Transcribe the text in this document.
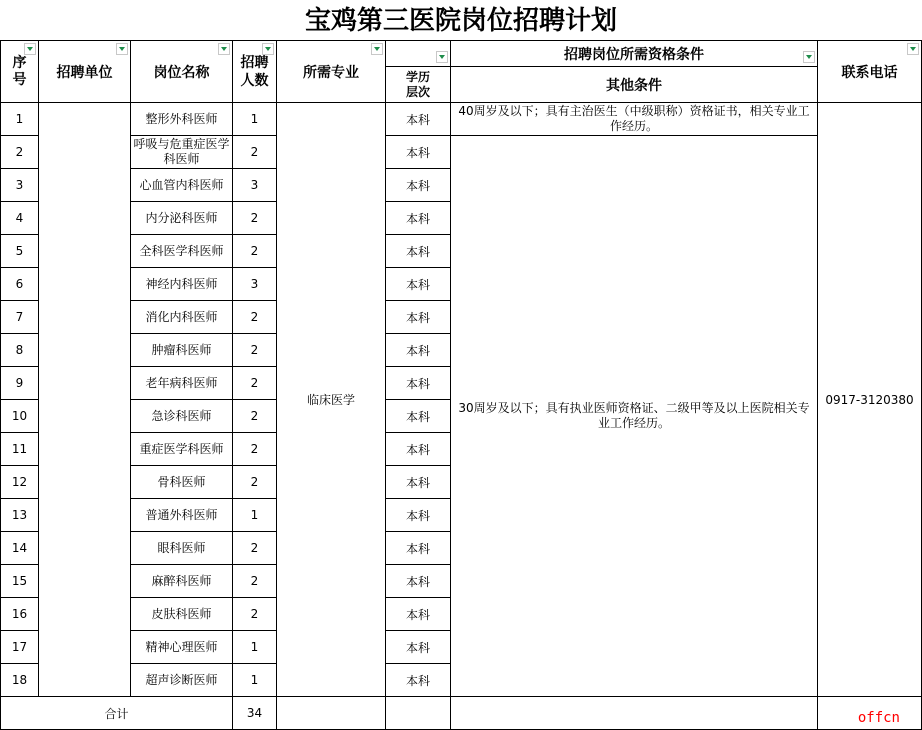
宝鸡第三医院岗位招聘计划
序号	招聘单位	岗位名称	招聘人数	所需专业		招聘岗位所需资格条件	联系电话

					学历层次	其他条件	
1		整形外科医师	1	临床医学	本科	40周岁及以下；具有主治医生（中级职称）资格证书，相关专业工作经历。	0917-3120380
2		呼吸与危重症医学科医师	2		本科	30周岁及以下；具有执业医师资格证、二级甲等及以上医院相关专业工作经历。	
3		心血管内科医师	3		本科		
4		内分泌科医师	2		本科		
5		全科医学科医师	2		本科		
6		神经内科医师	3		本科		
7		消化内科医师	2		本科		
8		肿瘤科医师	2		本科		
9		老年病科医师	2		本科		
10		急诊科医师	2		本科		
11		重症医学科医师	2		本科		
12		骨科医师	2		本科		
13		普通外科医师	1		本科		
14		眼科医师	2		本科		
15		麻醉科医师	2		本科		
16		皮肤科医师	2		本科		
17		精神心理医师	1		本科		
18		超声诊断医师	1		本科		
合计			34					offcn
